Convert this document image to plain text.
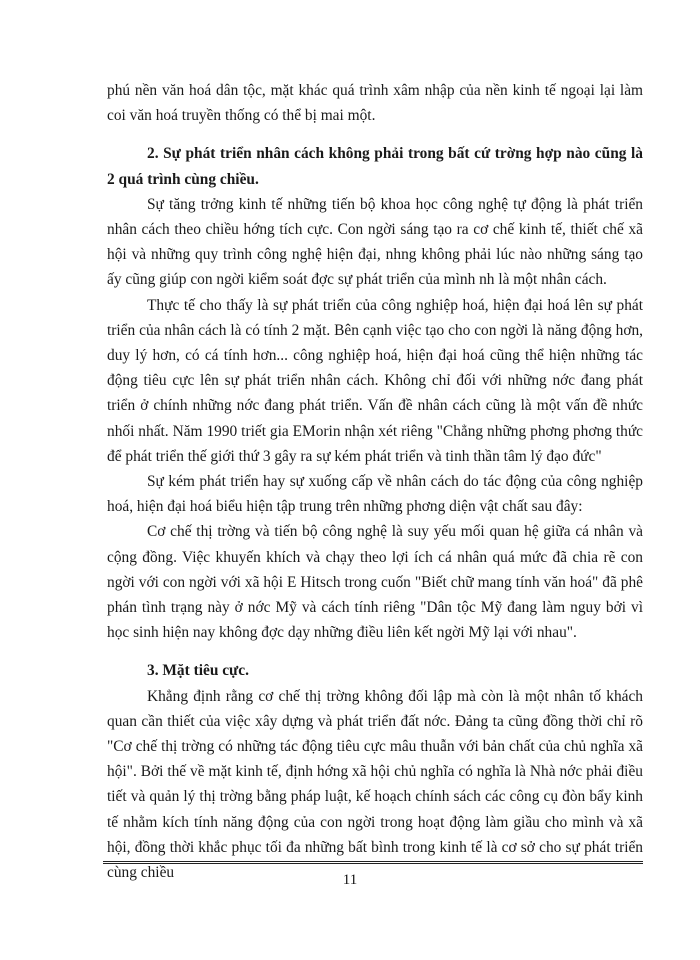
phú nền văn hoá dân tộc, mặt khác quá trình xâm nhập của nền kinh tế ngoại lại làm coi văn hoá truyền thống có thể bị mai một.

2. Sự phát triển nhân cách không phải trong bất cứ trờng hợp nào cũng là 2 quá trình cùng chiều.

Sự tăng trởng kinh tế những tiến bộ khoa học công nghệ tự động là phát triển nhân cách theo chiều hớng tích cực. Con ngời sáng tạo ra cơ chế kinh tế, thiết chế xã hội và những quy trình công nghệ hiện đại, nhng không phải lúc nào những sáng tạo ấy cũng giúp con ngời kiểm soát đợc sự phát triển của mình nh là một nhân cách.

Thực tế cho thấy là sự phát triển của công nghiệp hoá, hiện đại hoá lên sự phát triển của nhân cách là có tính 2 mặt. Bên cạnh việc tạo cho con ngời là năng động hơn, duy lý hơn, có cá tính hơn... công nghiệp hoá, hiện đại hoá cũng thể hiện những tác động tiêu cực lên sự phát triển nhân cách. Không chỉ đối với những nớc đang phát triển ở chính những nớc đang phát triển. Vấn đề nhân cách cũng là một vấn đề nhức nhối nhất. Năm 1990 triết gia EMorin nhận xét riêng "Chẳng những phơng phơng thức để phát triển thế giới thứ 3 gây ra sự kém phát triển và tinh thần tâm lý đạo đức"

Sự kém phát triển hay sự xuống cấp về nhân cách do tác động của công nghiệp hoá, hiện đại hoá biểu hiện tập trung trên những phơng diện vật chất sau đây:

Cơ chế thị trờng và tiến bộ công nghệ là suy yếu mối quan hệ giữa cá nhân và cộng đồng. Việc khuyến khích và chạy theo lợi ích cá nhân quá mức đã chia rẽ con ngời với con ngời với xã hội E Hitsch trong cuốn "Biết chữ mang tính văn hoá" đã phê phán tình trạng này ở nớc Mỹ và cách tính riêng "Dân tộc Mỹ đang làm nguy bởi vì học sinh hiện nay không đợc dạy những điều liên kết ngời Mỹ lại với nhau".

3. Mặt tiêu cực.

Khẳng định rằng cơ chế thị trờng không đối lập mà còn là một nhân tố khách quan cần thiết của việc xây dựng và phát triển đất nớc. Đảng ta cũng đồng thời chỉ rõ "Cơ chế thị trờng có những tác động tiêu cực mâu thuẫn với bản chất của chủ nghĩa xã hội". Bởi thế về mặt kinh tế, định hớng xã hội chủ nghĩa có nghĩa là Nhà nớc phải điều tiết và quản lý thị trờng bằng pháp luật, kế hoạch chính sách các công cụ đòn bẩy kinh tế nhằm kích tính năng động của con ngời trong hoạt động làm giầu cho mình và xã hội, đồng thời khắc phục tối đa những bất bình trong kinh tế là cơ sở cho sự phát triển cùng chiều	11
